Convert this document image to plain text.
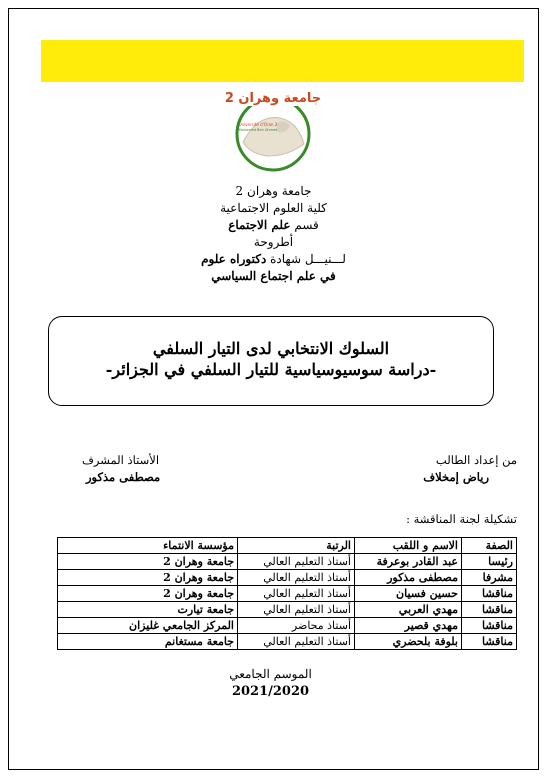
جامعة وهران 2
Université d'Oran 2
Mohamed Ben Ahmed
جامعة وهران 2
كلية العلوم الاجتماعية
قسم علم الاجتماع
أطروحة
لـــنيـــل شهادة دكتوراه علوم
في علم اجتماع السياسي
السلوك الانتخابي لدى التيار السلفي
-دراسة سوسيوسياسية للتيار السلفي في الجزائر-
من إعداد الطالب
رياض إمخلاف
الأستاذ المشرف
مصطفى مذكور
تشكيلة لجنة المناقشة :
الصفة	الاسم و اللقب	الرتبة	مؤسسة الانتماء
رئيسا	عبد القادر بوعرفة	أستاذ التعليم العالي	جامعة وهران 2
مشرفا	مصطفى مذكور	أستاذ التعليم العالي	جامعة وهران 2
مناقشا	حسين فسيان	أستاذ التعليم العالي	جامعة وهران 2
مناقشا	مهدي العربي	أستاذ التعليم العالي	جامعة تيارت
مناقشا	مهدي قصير	أستاذ محاضر	المركز الجامعي غليزان
مناقشا	بلوفة بلحضري	أستاذ التعليم العالي	جامعة مستغانم
الموسم الجامعي
2021/2020
